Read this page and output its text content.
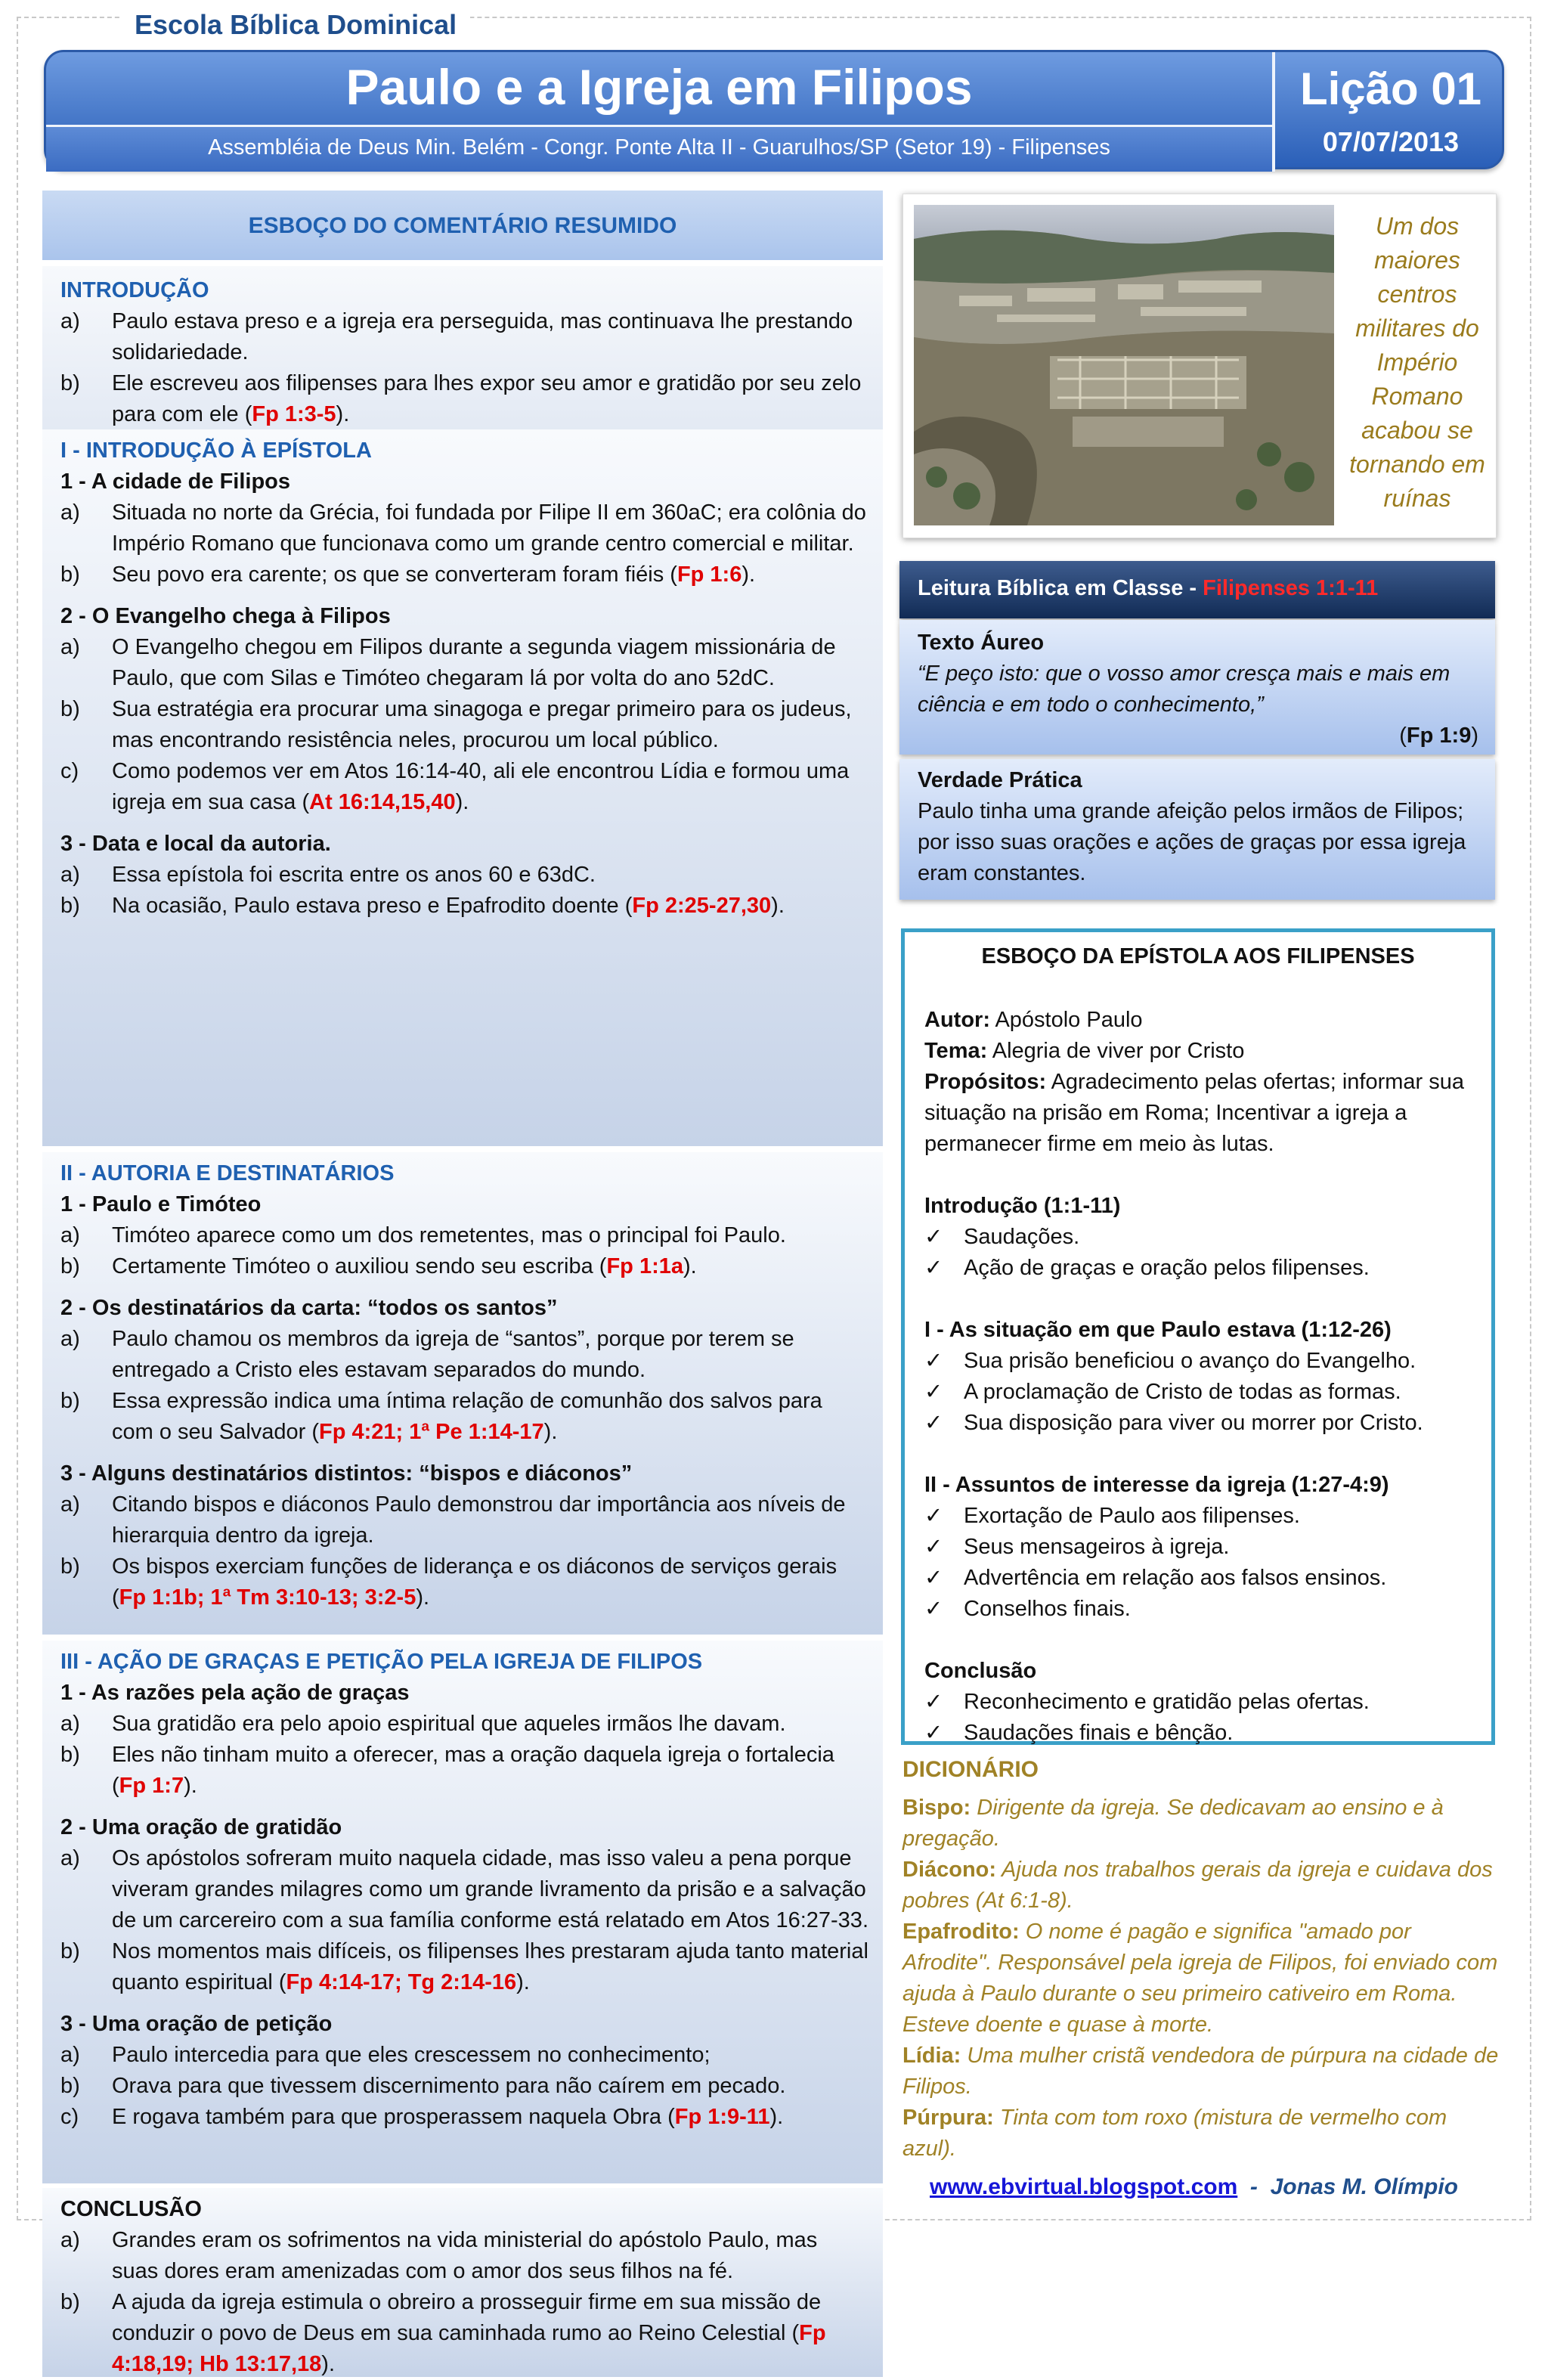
Escola Bíblica Dominical
Paulo e a Igreja em Filipos
Assembléia de Deus Min. Belém - Congr. Ponte Alta II - Guarulhos/SP (Setor 19) - Filipenses
Lição 01
07/07/2013
ESBOÇO DO COMENTÁRIO RESUMIDO
INTRODUÇÃO
a)	Paulo estava preso e a igreja era perseguida, mas continuava lhe prestando solidariedade.
b)	Ele escreveu aos filipenses para lhes expor seu amor e gratidão por seu zelo para com ele (Fp 1:3-5).
I - INTRODUÇÃO À EPÍSTOLA
1 - A cidade de Filipos
a)	Situada no norte da Grécia, foi fundada por Filipe II em 360aC; era colônia do Império Romano que funcionava como um grande centro comercial e militar.
b)	Seu povo era carente; os que se converteram foram fiéis (Fp 1:6).
2 - O Evangelho chega à Filipos
a)	O Evangelho chegou em Filipos durante a segunda viagem missionária de Paulo, que com Silas e Timóteo chegaram lá por volta do ano 52dC.
b)	Sua estratégia era procurar uma sinagoga e pregar primeiro para os judeus, mas encontrando resistência neles, procurou um local público.
c)	Como podemos ver em Atos 16:14-40, ali ele encontrou Lídia e formou uma igreja em sua casa (At 16:14,15,40).
3 - Data e local da autoria.
a)	Essa epístola foi escrita entre os anos 60 e 63dC.
b)	Na ocasião, Paulo estava preso e Epafrodito doente (Fp 2:25-27,30).
II - AUTORIA E DESTINATÁRIOS
1 - Paulo e Timóteo
a)	Timóteo aparece como um dos remetentes, mas o principal foi Paulo.
b)	Certamente Timóteo o auxiliou sendo seu escriba (Fp 1:1a).
2 - Os destinatários da carta: “todos os santos”
a)	Paulo chamou os membros da igreja de “santos”, porque por terem se entregado a Cristo eles estavam separados do mundo.
b)	Essa expressão indica uma íntima relação de comunhão dos salvos para com o seu Salvador (Fp 4:21; 1ª Pe 1:14-17).
3 - Alguns destinatários distintos: “bispos e diáconos”
a)	Citando bispos e diáconos Paulo demonstrou dar importância aos níveis de hierarquia dentro da igreja.
b)	Os bispos exerciam funções de liderança e os diáconos de serviços gerais (Fp 1:1b; 1ª Tm 3:10-13; 3:2-5).
III - AÇÃO DE GRAÇAS E PETIÇÃO PELA IGREJA DE FILIPOS
1 - As razões pela ação de graças
a)	Sua gratidão era pelo apoio espiritual que aqueles irmãos lhe davam.
b)	Eles não tinham muito a oferecer, mas a oração daquela igreja o fortalecia (Fp 1:7).
2 - Uma oração de gratidão
a)	Os apóstolos sofreram muito naquela cidade, mas isso valeu a pena porque viveram grandes milagres como um grande livramento da prisão e a salvação de um carcereiro com a sua família conforme está relatado em Atos 16:27-33.
b)	Nos momentos mais difíceis, os filipenses lhes prestaram ajuda tanto material quanto espiritual (Fp 4:14-17; Tg 2:14-16).
3 - Uma oração de petição
a)	Paulo intercedia para que eles crescessem no conhecimento;
b)	Orava para que tivessem discernimento para não caírem em pecado.
c)	E rogava também para que prosperassem naquela Obra (Fp 1:9-11).
CONCLUSÃO
a)	Grandes eram os sofrimentos na vida ministerial do apóstolo Paulo, mas suas dores eram amenizadas com o amor dos seus filhos na fé.
b)	A ajuda da igreja estimula o obreiro a prosseguir firme em sua missão de conduzir o povo de Deus em sua caminhada rumo ao Reino Celestial (Fp 4:18,19; Hb 13:17,18).
Um dos maiores centros militares do Império Romano acabou se tornando em ruínas
Leitura Bíblica em Classe - Filipenses 1:1-11
Texto Áureo
“E peço isto: que o vosso amor cresça mais e mais em ciência e em todo o conhecimento,”
(Fp 1:9)
Verdade Prática
Paulo tinha uma grande afeição pelos irmãos de Filipos; por isso suas orações e ações de graças por essa igreja eram constantes.
ESBOÇO DA EPÍSTOLA AOS FILIPENSES
Autor: Apóstolo Paulo
Tema: Alegria de viver por Cristo
Propósitos: Agradecimento pelas ofertas; informar sua situação na prisão em Roma; Incentivar a igreja a permanecer firme em meio às lutas.
Introdução (1:1-11)
✓ Saudações.
✓ Ação de graças e oração pelos filipenses.
I - As situação em que Paulo estava (1:12-26)
✓ Sua prisão beneficiou o avanço do Evangelho.
✓ A proclamação de Cristo de todas as formas.
✓ Sua disposição para viver ou morrer por Cristo.
II - Assuntos de interesse da igreja (1:27-4:9)
✓ Exortação de Paulo aos filipenses.
✓ Seus mensageiros à igreja.
✓ Advertência em relação aos falsos ensinos.
✓ Conselhos finais.
Conclusão
✓ Reconhecimento e gratidão pelas ofertas.
✓ Saudações finais e bênção.
DICIONÁRIO
Bispo: Dirigente da igreja. Se dedicavam ao ensino e à pregação.
Diácono: Ajuda nos trabalhos gerais da igreja e cuidava dos pobres (At 6:1-8).
Epafrodito: O nome é pagão e significa "amado por Afrodite". Responsável pela igreja de Filipos, foi enviado com ajuda à Paulo durante o seu primeiro cativeiro em Roma. Esteve doente e quase à morte.
Lídia: Uma mulher cristã vendedora de púrpura na cidade de Filipos.
Púrpura: Tinta com tom roxo (mistura de vermelho com azul).
www.ebvirtual.blogspot.com  -  Jonas M. Olímpio
